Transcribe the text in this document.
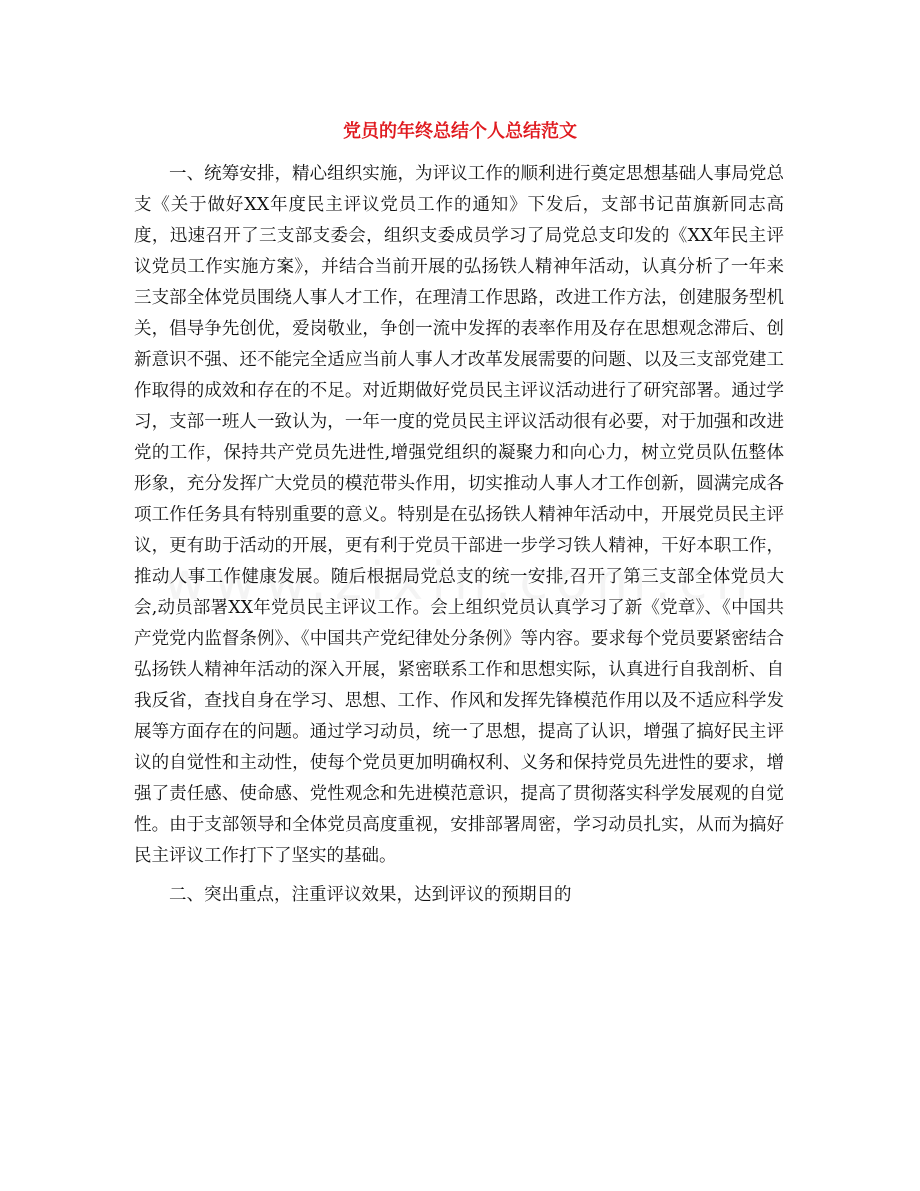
党员的年终总结个人总结范文

一、统筹安排，精心组织实施，为评议工作的顺利进行奠定思想基础人事局党总支《关于做好XX年度民主评议党员工作的通知》下发后，支部书记苗旗新同志高度，迅速召开了三支部支委会，组织支委成员学习了局党总支印发的《XX年民主评议党员工作实施方案》，并结合当前开展的弘扬铁人精神年活动，认真分析了一年来三支部全体党员围绕人事人才工作，在理清工作思路，改进工作方法，创建服务型机关，倡导争先创优，爱岗敬业，争创一流中发挥的表率作用及存在思想观念滞后、创新意识不强、还不能完全适应当前人事人才改革发展需要的问题、以及三支部党建工作取得的成效和存在的不足。对近期做好党员民主评议活动进行了研究部署。通过学习，支部一班人一致认为，一年一度的党员民主评议活动很有必要，对于加强和改进党的工作，保持共产党员先进性,增强党组织的凝聚力和向心力，树立党员队伍整体形象，充分发挥广大党员的模范带头作用，切实推动人事人才工作创新，圆满完成各项工作任务具有特别重要的意义。特别是在弘扬铁人精神年活动中，开展党员民主评议，更有助于活动的开展，更有利于党员干部进一步学习铁人精神，干好本职工作，推动人事工作健康发展。随后根据局党总支的统一安排,召开了第三支部全体党员大会,动员部署XX年党员民主评议工作。会上组织党员认真学习了新《党章》、《中国共产党党内监督条例》、《中国共产党纪律处分条例》等内容。要求每个党员要紧密结合弘扬铁人精神年活动的深入开展，紧密联系工作和思想实际，认真进行自我剖析、自我反省，查找自身在学习、思想、工作、作风和发挥先锋模范作用以及不适应科学发展等方面存在的问题。通过学习动员，统一了思想，提高了认识，增强了搞好民主评议的自觉性和主动性，使每个党员更加明确权利、义务和保持党员先进性的要求，增强了责任感、使命感、党性观念和先进模范意识，提高了贯彻落实科学发展观的自觉性。由于支部领导和全体党员高度重视，安排部署周密，学习动员扎实，从而为搞好民主评议工作打下了坚实的基础。

二、突出重点，注重评议效果，达到评议的预期目的
